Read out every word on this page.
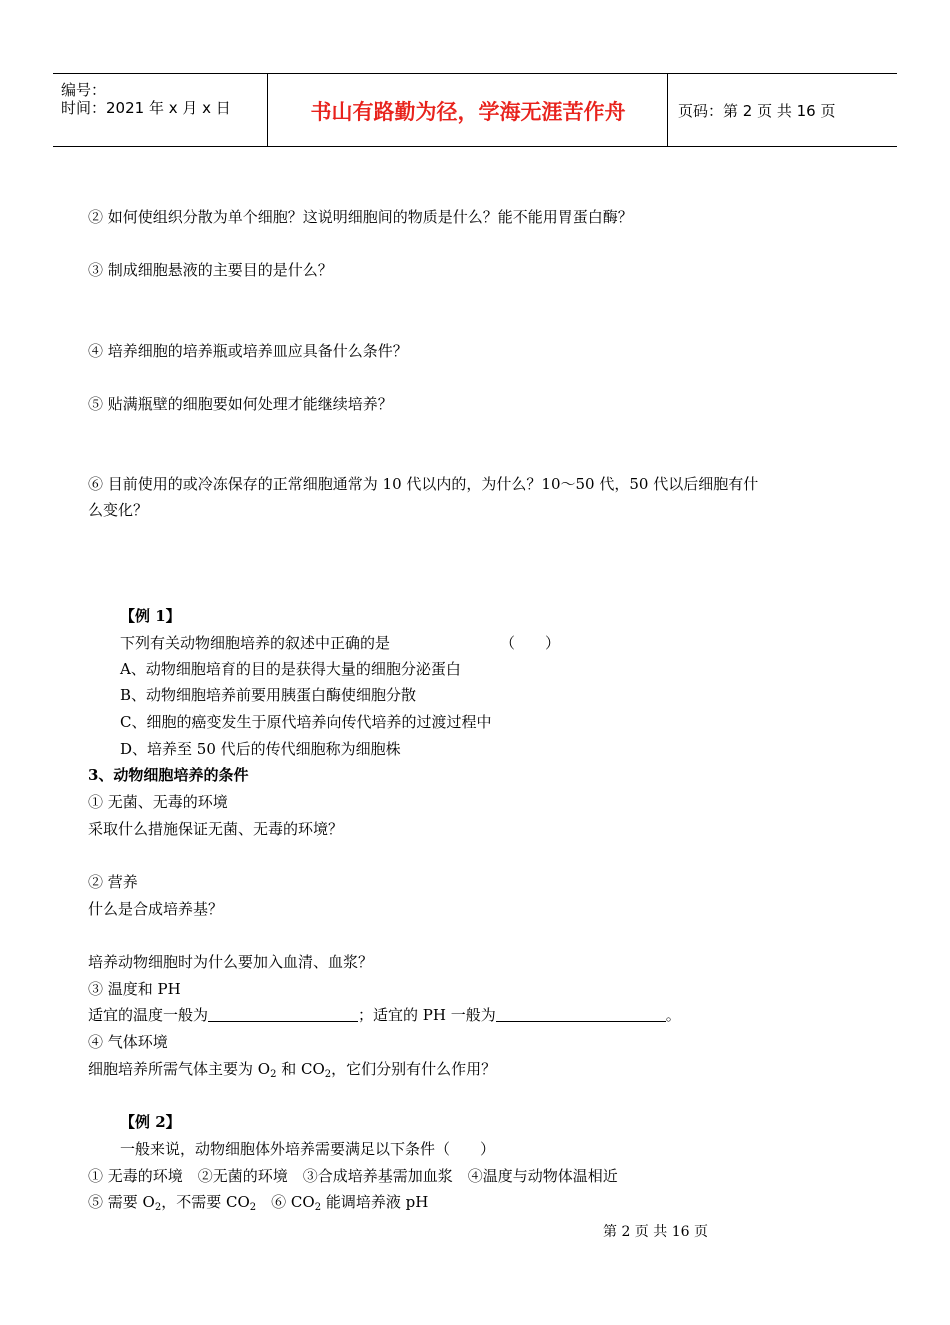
编号：
时间：2021 年 x 月 x 日	书山有路勤为径，学海无涯苦作舟	页码：第 2 页 共 16 页
② 如何使组织分散为单个细胞？这说明细胞间的物质是什么？能不能用胃蛋白酶？
③ 制成细胞悬液的主要目的是什么？
④ 培养细胞的培养瓶或培养皿应具备什么条件？
⑤ 贴满瓶壁的细胞要如何处理才能继续培养？
⑥ 目前使用的或冷冻保存的正常细胞通常为 10 代以内的，为什么？10～50 代，50 代以后细胞有什
么变化？
【例 1】
下列有关动物细胞培养的叙述中正确的是	（　　）
A、动物细胞培育的目的是获得大量的细胞分泌蛋白
B、动物细胞培养前要用胰蛋白酶使细胞分散
C、细胞的癌变发生于原代培养向传代培养的过渡过程中
D、培养至 50 代后的传代细胞称为细胞株
3、动物细胞培养的条件
① 无菌、无毒的环境
采取什么措施保证无菌、无毒的环境？
② 营养
什么是合成培养基？
培养动物细胞时为什么要加入血清、血浆？
③ 温度和 PH
适宜的温度一般为	；适宜的 PH 一般为	。
④ 气体环境
细胞培养所需气体主要为 $O_2$ 和 $CO_2$，它们分别有什么作用？
【例 2】
一般来说，动物细胞体外培养需要满足以下条件（　　）
① 无毒的环境　②无菌的环境　③合成培养基需加血浆　④温度与动物体温相近
⑤ 需要 $O_2$，不需要 $CO_2$　⑥ $CO_2$ 能调培养液 pH
第 2 页 共 16 页
